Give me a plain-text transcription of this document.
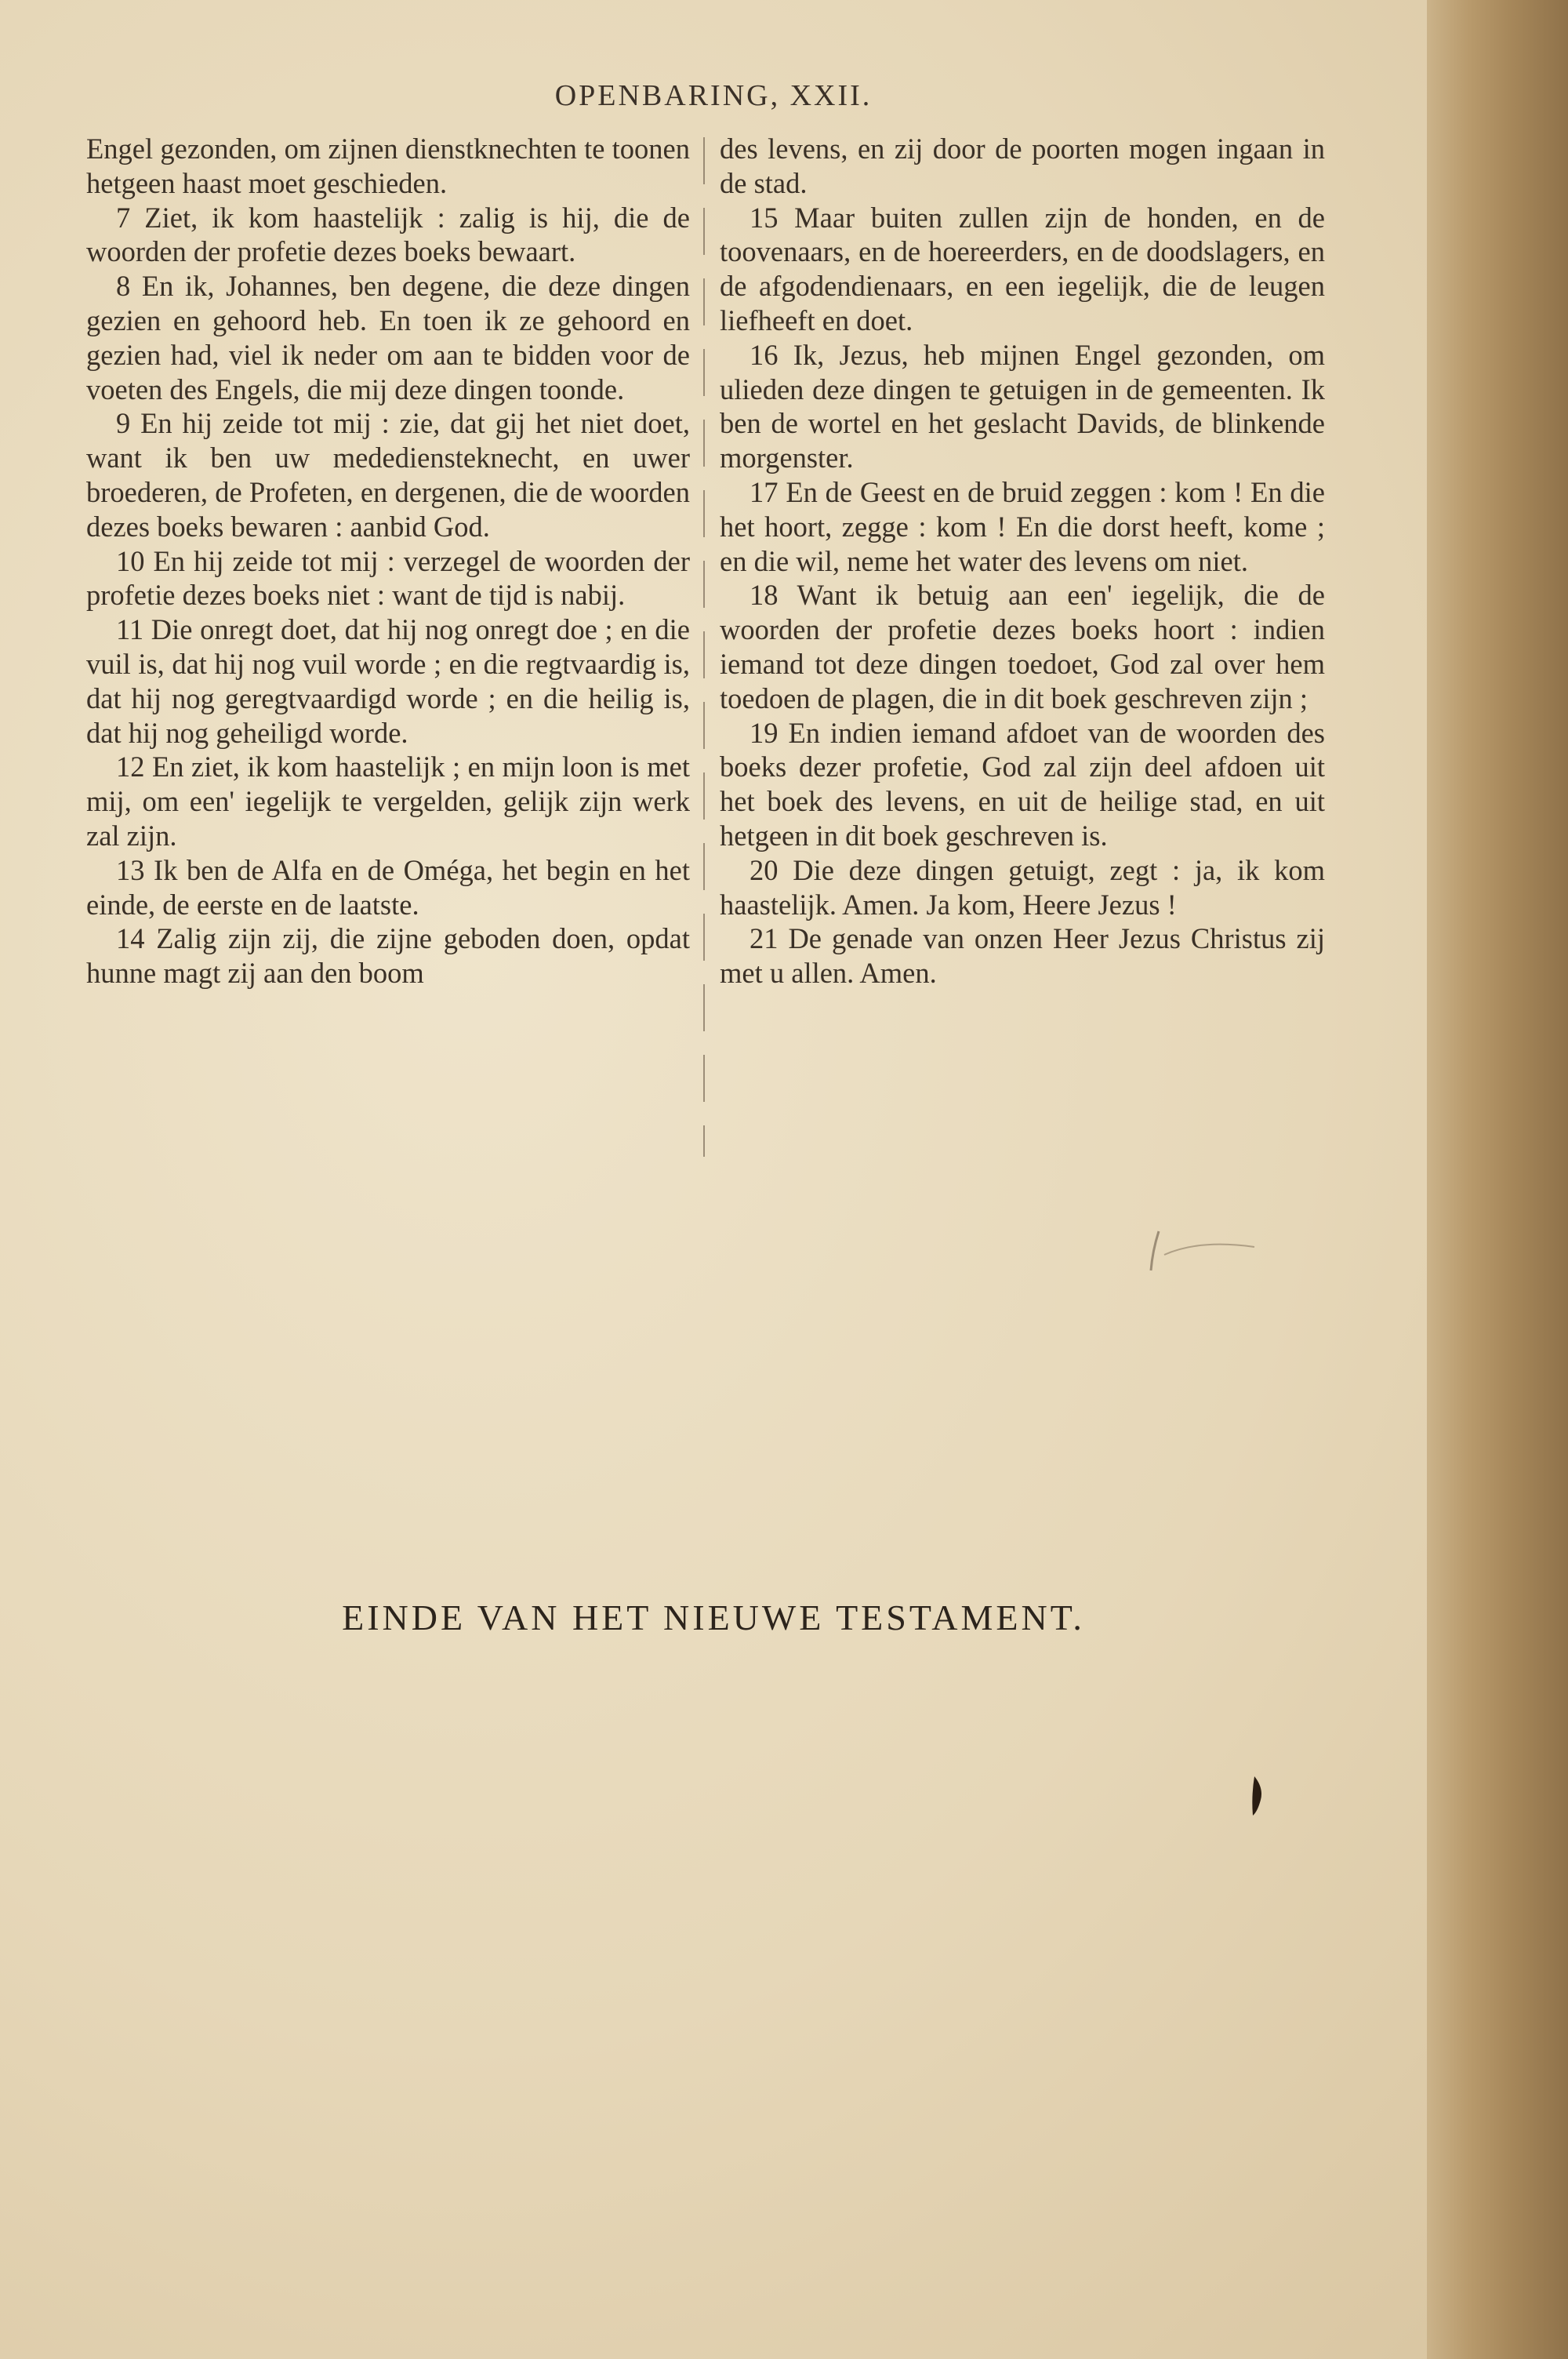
OPENBARING, XXII.

Engel gezonden, om zijnen dienstknechten te toonen hetgeen haast moet geschieden.

7 Ziet, ik kom haastelijk : zalig is hij, die de woorden der profetie dezes boeks bewaart.

8 En ik, Johannes, ben degene, die deze dingen gezien en gehoord heb. En toen ik ze gehoord en gezien had, viel ik neder om aan te bidden voor de voeten des Engels, die mij deze dingen toonde.

9 En hij zeide tot mij : zie, dat gij het niet doet, want ik ben uw medediensteknecht, en uwer broederen, de Profeten, en dergenen, die de woorden dezes boeks bewaren : aanbid God.

10 En hij zeide tot mij : verzegel de woorden der profetie dezes boeks niet : want de tijd is nabij.

11 Die onregt doet, dat hij nog onregt doe ; en die vuil is, dat hij nog vuil worde ; en die regtvaardig is, dat hij nog geregtvaardigd worde ; en die heilig is, dat hij nog geheiligd worde.

12 En ziet, ik kom haastelijk ; en mijn loon is met mij, om een' iegelijk te vergelden, gelijk zijn werk zal zijn.

13 Ik ben de Alfa en de Oméga, het begin en het einde, de eerste en de laatste.

14 Zalig zijn zij, die zijne geboden doen, opdat hunne magt zij aan den boom

des levens, en zij door de poorten mogen ingaan in de stad.

15 Maar buiten zullen zijn de honden, en de toovenaars, en de hoereerders, en de doodslagers, en de afgodendienaars, en een iegelijk, die de leugen liefheeft en doet.

16 Ik, Jezus, heb mijnen Engel gezonden, om ulieden deze dingen te getuigen in de gemeenten. Ik ben de wortel en het geslacht Davids, de blinkende morgenster.

17 En de Geest en de bruid zeggen : kom ! En die het hoort, zegge : kom ! En die dorst heeft, kome ; en die wil, neme het water des levens om niet.

18 Want ik betuig aan een' iegelijk, die de woorden der profetie dezes boeks hoort : indien iemand tot deze dingen toedoet, God zal over hem toedoen de plagen, die in dit boek geschreven zijn ;

19 En indien iemand afdoet van de woorden des boeks dezer profetie, God zal zijn deel afdoen uit het boek des levens, en uit de heilige stad, en uit hetgeen in dit boek geschreven is.

20 Die deze dingen getuigt, zegt : ja, ik kom haastelijk. Amen. Ja kom, Heere Jezus !

21 De genade van onzen Heer Jezus Christus zij met u allen. Amen.

EINDE VAN HET NIEUWE TESTAMENT.
